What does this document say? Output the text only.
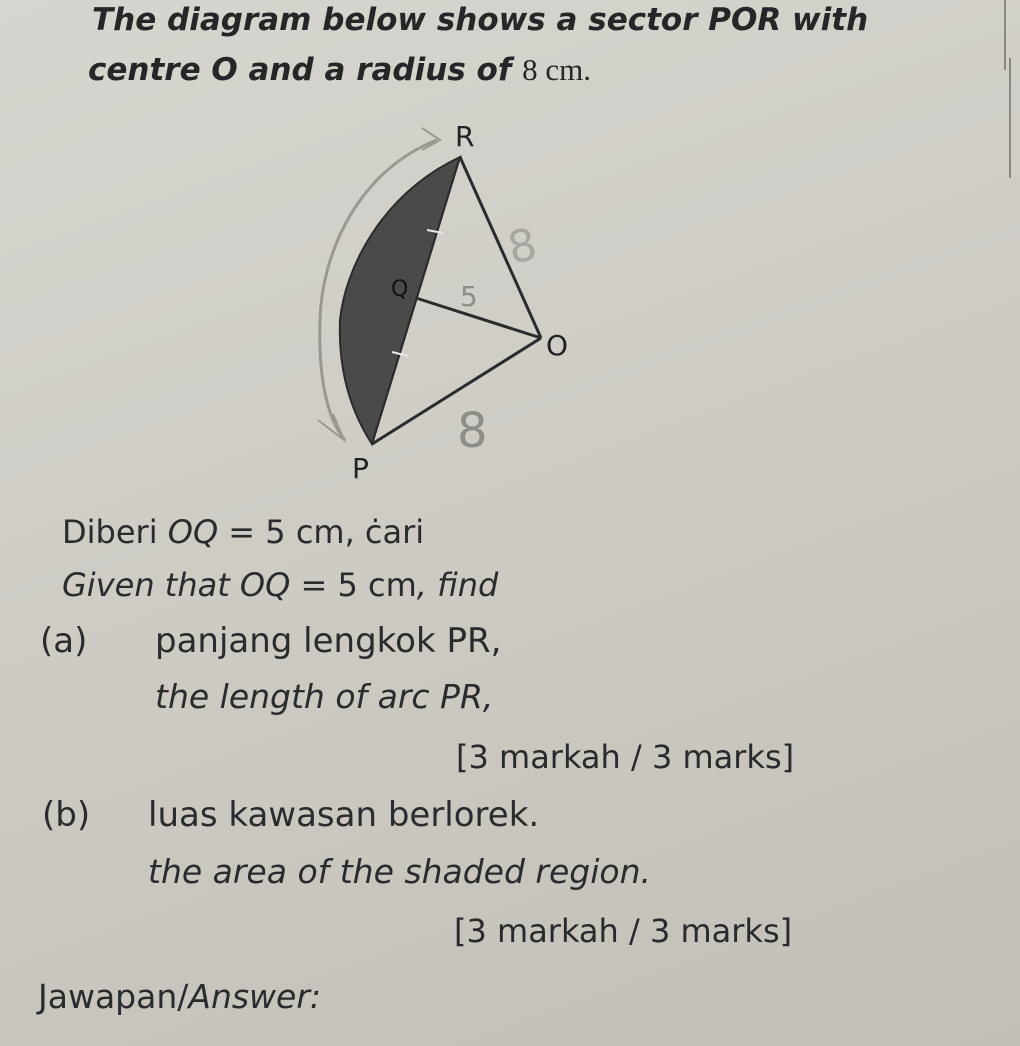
The diagram below shows a sector POR with
centre O and a radius of 8 cm.
R
Q
O
P
8
5
8
Diberi OQ = 5 cm, ċari
Given that OQ = 5 cm, find
(a) panjang lengkok PR,
the length of arc PR,
[3 markah / 3 marks]
(b) luas kawasan berlorek.
the area of the shaded region.
[3 markah / 3 marks]
Jawapan/Answer:
